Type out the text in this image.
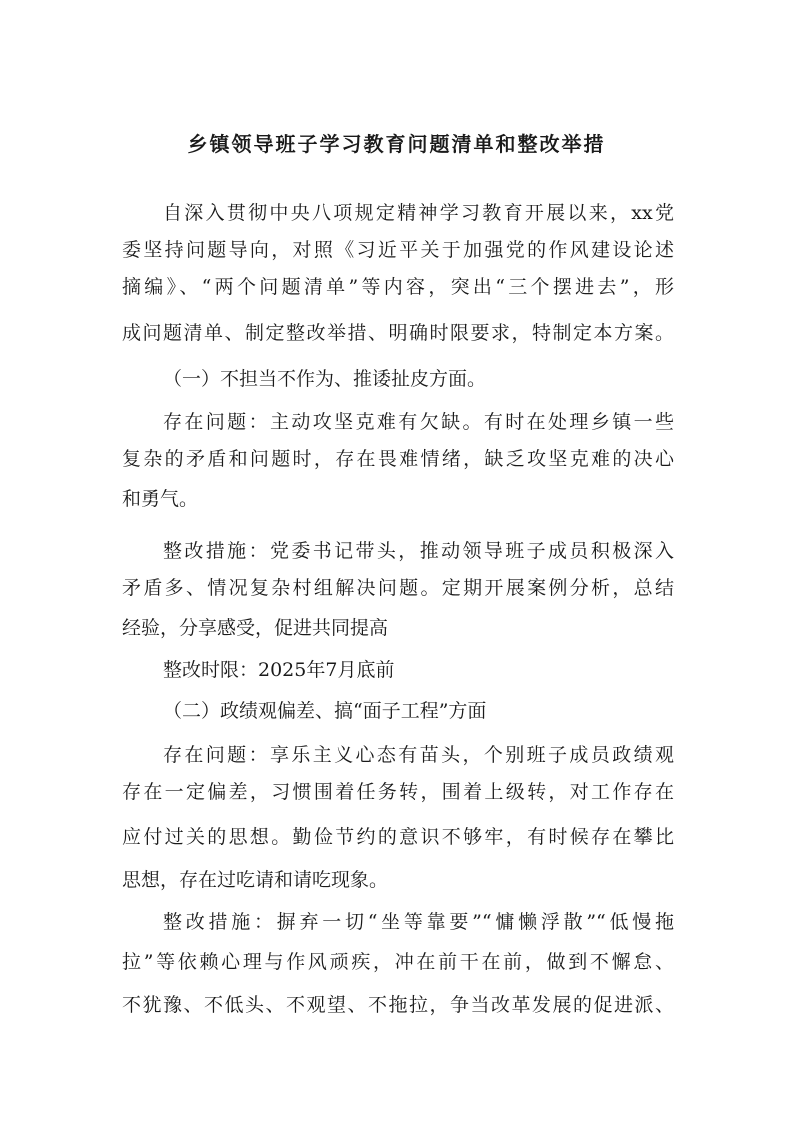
乡镇领导班子学习教育问题清单和整改举措
自深入贯彻中央八项规定精神学习教育开展以来，xx党
委坚持问题导向，对照《习近平关于加强党的作风建设论述
摘编》、“两个问题清单”等内容，突出“三个摆进去”，形
成问题清单、制定整改举措、明确时限要求，特制定本方案。
（一）不担当不作为、推诿扯皮方面。
存在问题：主动攻坚克难有欠缺。有时在处理乡镇一些
复杂的矛盾和问题时，存在畏难情绪，缺乏攻坚克难的决心
和勇气。
整改措施：党委书记带头，推动领导班子成员积极深入
矛盾多、情况复杂村组解决问题。定期开展案例分析，总结
经验，分享感受，促进共同提高
整改时限：2025年7月底前
（二）政绩观偏差、搞“面子工程”方面
存在问题：享乐主义心态有苗头，个别班子成员政绩观
存在一定偏差，习惯围着任务转，围着上级转，对工作存在
应付过关的思想。勤俭节约的意识不够牢，有时候存在攀比
思想，存在过吃请和请吃现象。
整改措施：摒弃一切“坐等靠要”“慵懒浮散”“低慢拖
拉”等依赖心理与作风顽疾，冲在前干在前，做到不懈怠、
不犹豫、不低头、不观望、不拖拉，争当改革发展的促进派、
